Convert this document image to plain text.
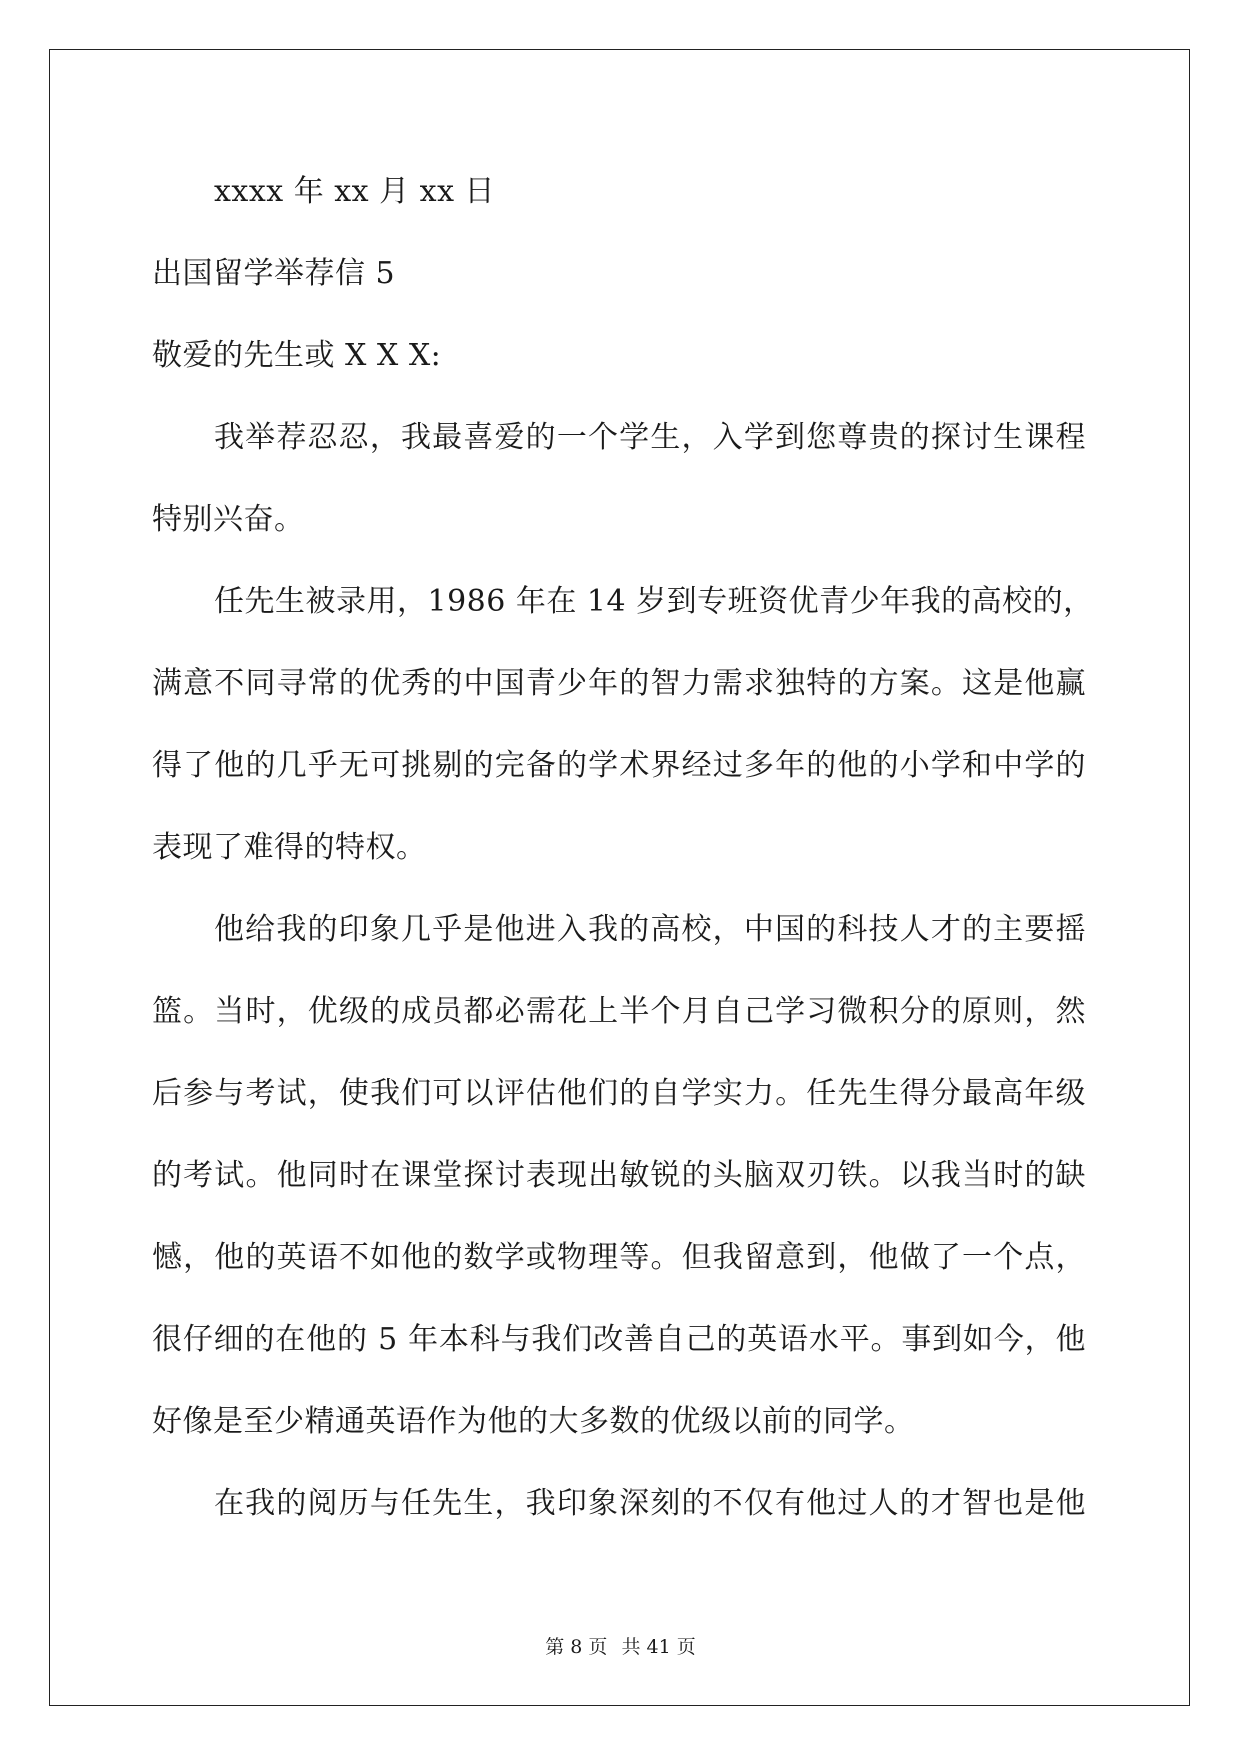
xxxx 年 xx 月 xx 日
出国留学举荐信 5
敬爱的先生或 X X X:
我举荐忍忍，我最喜爱的一个学生，入学到您尊贵的探讨生课程
特别兴奋。
任先生被录用，1986 年在 14 岁到专班资优青少年我的高校的，
满意不同寻常的优秀的中国青少年的智力需求独特的方案。这是他赢
得了他的几乎无可挑剔的完备的学术界经过多年的他的小学和中学的
表现了难得的特权。
他给我的印象几乎是他进入我的高校，中国的科技人才的主要摇
篮。当时，优级的成员都必需花上半个月自己学习微积分的原则，然
后参与考试，使我们可以评估他们的自学实力。任先生得分最高年级
的考试。他同时在课堂探讨表现出敏锐的头脑双刃铁。以我当时的缺
憾，他的英语不如他的数学或物理等。但我留意到，他做了一个点，
很仔细的在他的 5 年本科与我们改善自己的英语水平。事到如今，他
好像是至少精通英语作为他的大多数的优级以前的同学。
在我的阅历与任先生，我印象深刻的不仅有他过人的才智也是他
第 8 页 共 41 页
